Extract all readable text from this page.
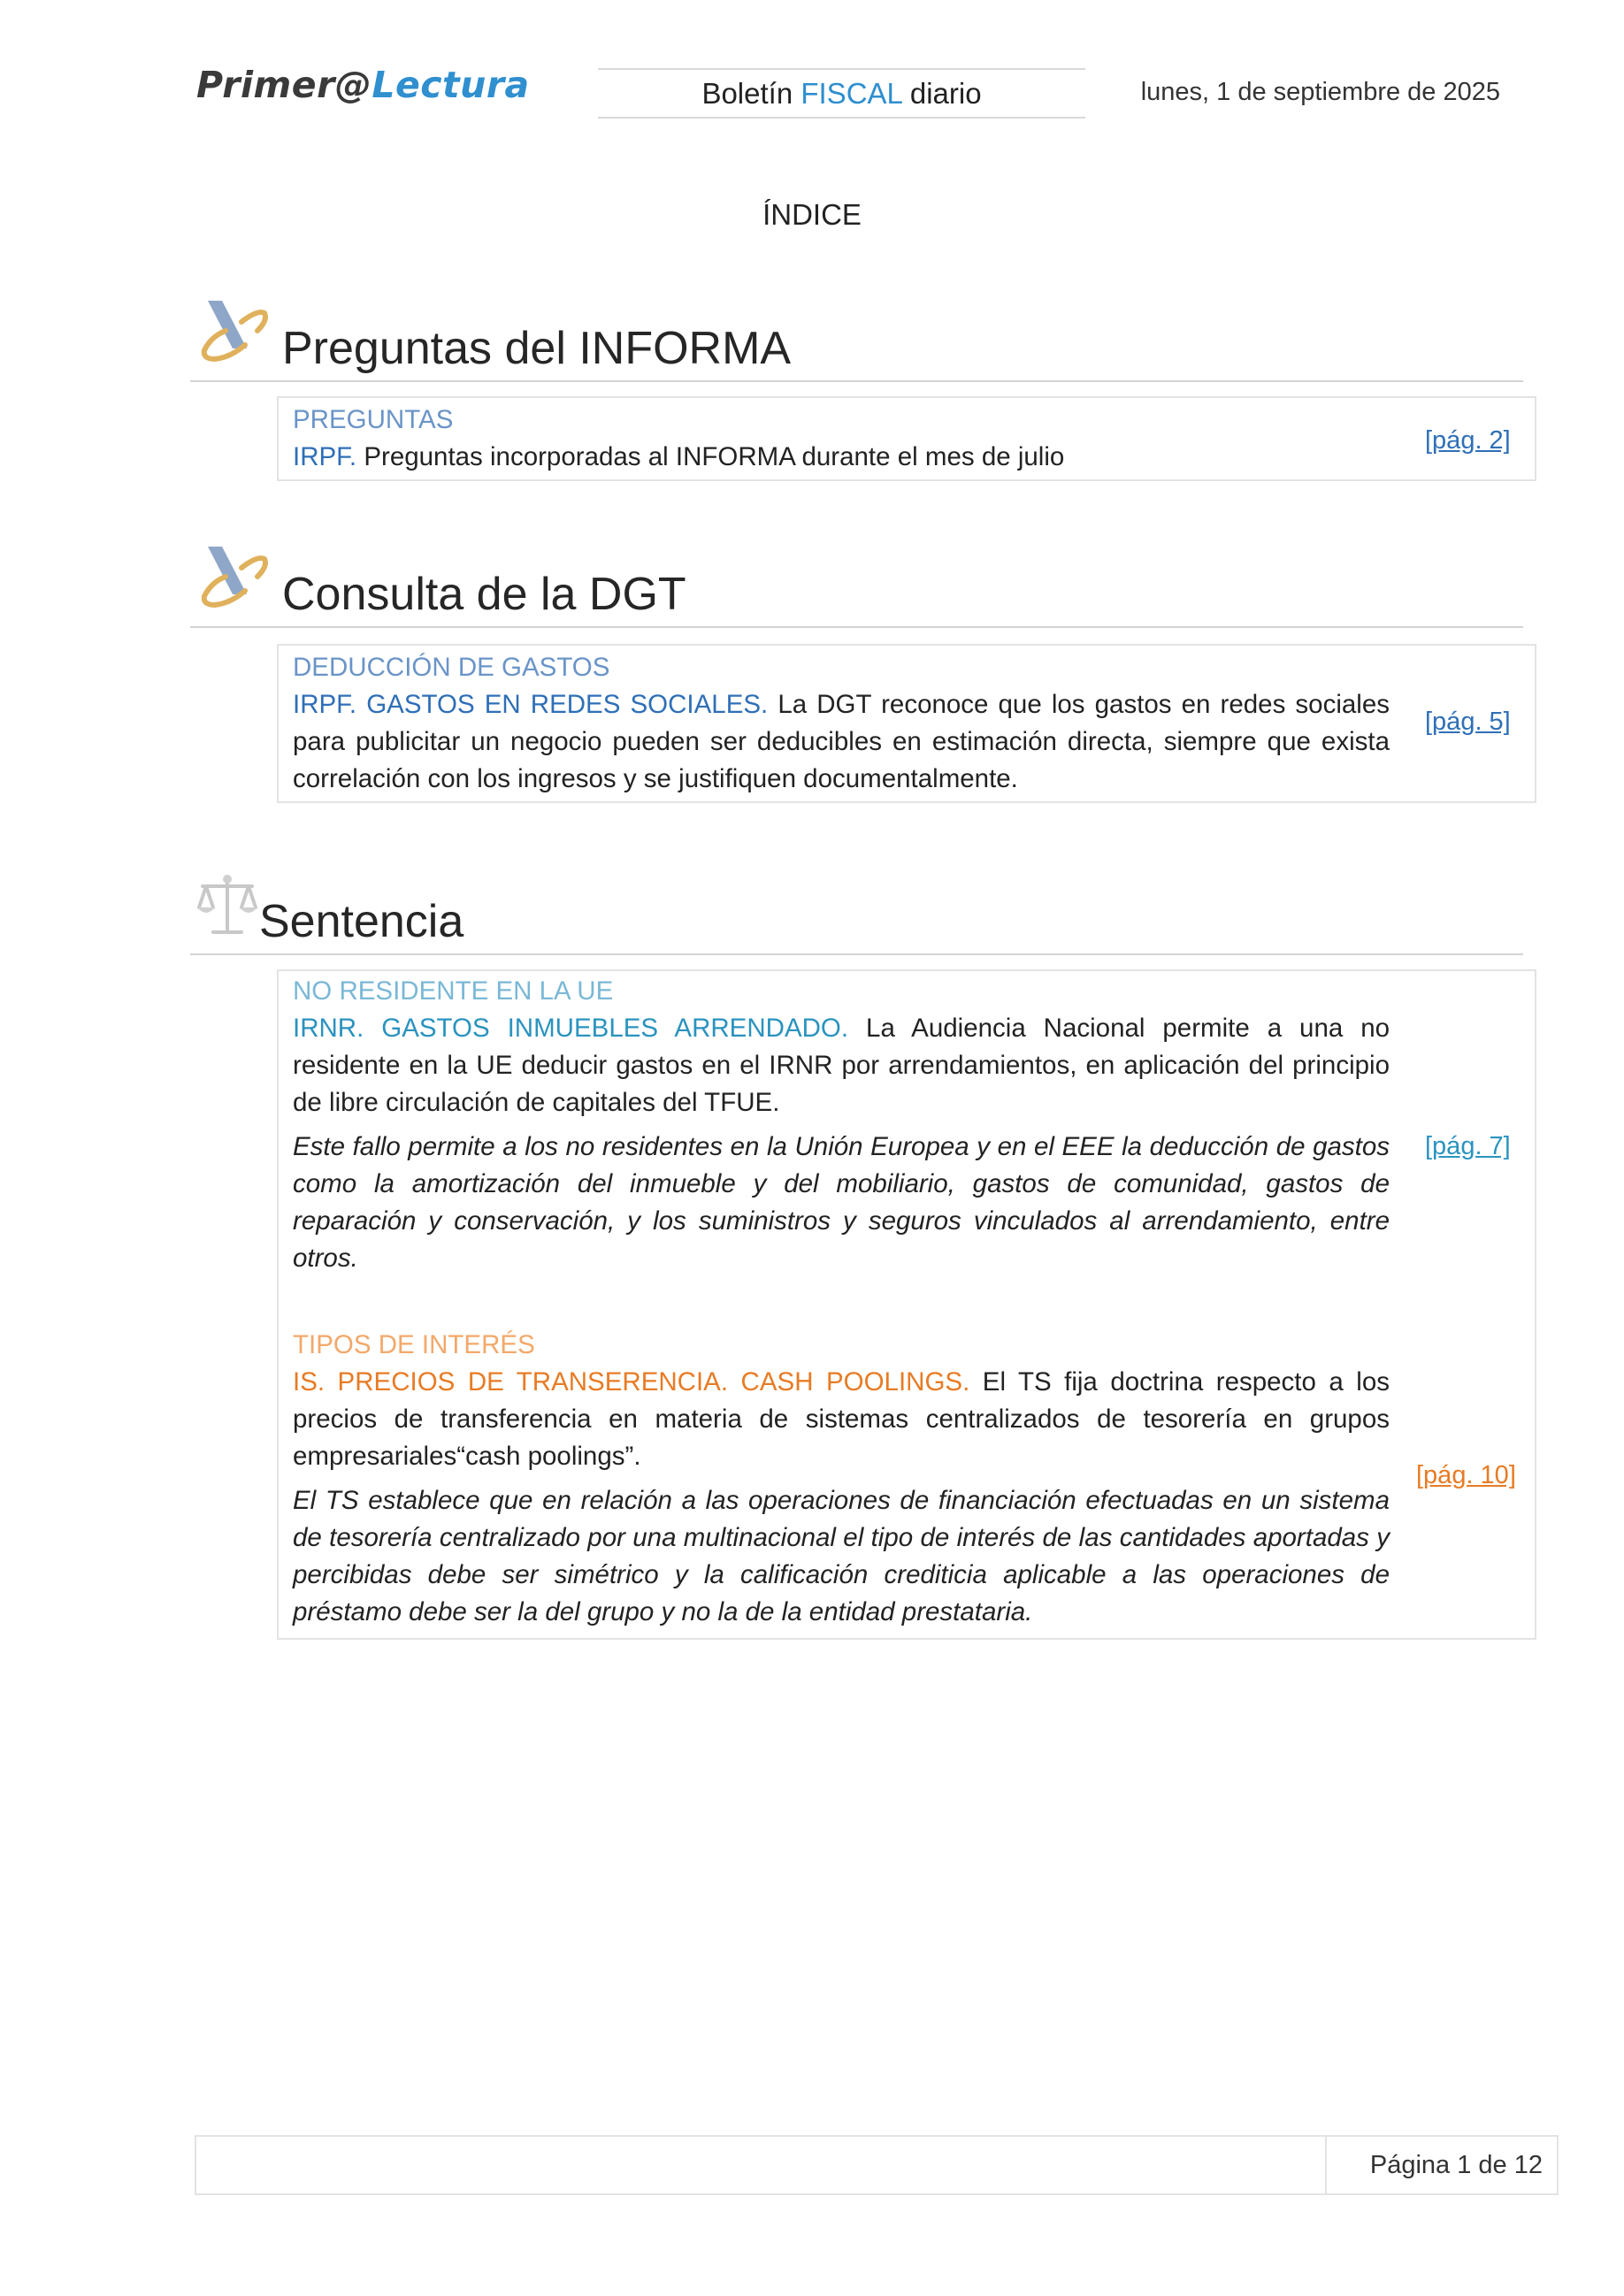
Primer@Lectura	Boletín FISCAL diario	lunes, 1 de septiembre de 2025
ÍNDICE
Preguntas del INFORMA
PREGUNTAS

IRPF. Preguntas incorporadas al INFORMA durante el mes de julio

[pág. 2]
Consulta de la DGT
DEDUCCIÓN DE GASTOS

IRPF. GASTOS EN REDES SOCIALES. La DGT reconoce que los gastos en redes sociales para publicitar un negocio pueden ser deducibles en estimación directa, siempre que exista correlación con los ingresos y se justifiquen documentalmente.

[pág. 5]
Sentencia
NO RESIDENTE EN LA UE

IRNR. GASTOS INMUEBLES ARRENDADO. La Audiencia Nacional permite a una no residente en la UE deducir gastos en el IRNR por arrendamientos, en aplicación del principio de libre circulación de capitales del TFUE.

Este fallo permite a los no residentes en la Unión Europea y en el EEE la deducción de gastos como la amortización del inmueble y del mobiliario, gastos de comunidad, gastos de reparación y conservación, y los suministros y seguros vinculados al arrendamiento, entre otros.

[pág. 7]
TIPOS DE INTERÉS

IS. PRECIOS DE TRANSERENCIA. CASH POOLINGS. El TS fija doctrina respecto a los precios de transferencia en materia de sistemas centralizados de tesorería en grupos empresariales“cash poolings”.

El TS establece que en relación a las operaciones de financiación efectuadas en un sistema de tesorería centralizado por una multinacional el tipo de interés de las cantidades aportadas y percibidas debe ser simétrico y la calificación crediticia aplicable a las operaciones de préstamo debe ser la del grupo y no la de la entidad prestataria.

[pág. 10]
Página 1 de 12
